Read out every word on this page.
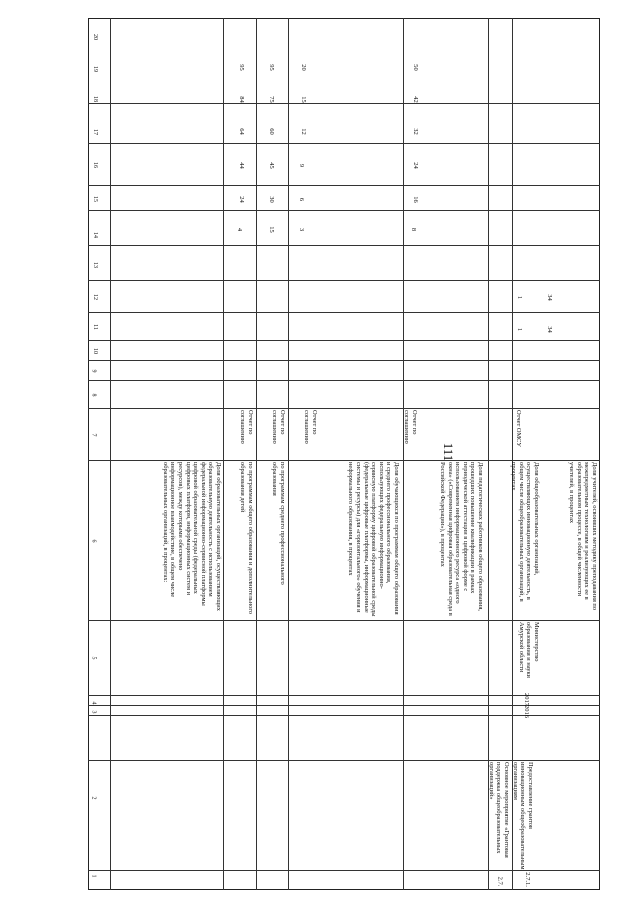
111
1
2
3
4
5
6
7
8
9
10
11
12
13
14
15
16
17
18
19
20
Доля образовательных организаций, осуществляющих образовательную деятельность с использованием федеральной информационно-сервисной платформы цифровой образовательной среды (федеральных цифровых платформ, информационных систем и ресурсов), между которыми обеспечено информационное взаимодействие, в общем числе образовательных организаций, в процентах:	по программам общего образования и дополнительного образования детей
Отчет по соглашению
4
24
44
64
84
95
по программам среднего профессионального образования
Отчет по соглашению
15
30
45
60
75
95
Доля обучающихся по программам общего образования и среднего профессионального образования, использующих федеральную информационно-сервисную платформу цифровой образовательной среды (федеральные цифровые платформы, информационные системы и ресурсы) для «горизонтального» обучения и неформального образования, в процентах
Отчет по соглашению
3
6
9
12
15
20
Доля педагогических работников общего образования, прошедших повышение квалификации в рамках периодической аттестации в цифровой форме с использованием информационного ресурса «одного окна» («Современная цифровая образовательная среда в Российской Федерации»), в процентах
Отчет по соглашению
8
16
24
32
42
50
2.7.
Основное мероприятие «Грантовая поддержка общеобразовательных организаций»
2.7.1.
Предоставление грантов инновационным общеобразовательным организациям
2016
2017
Министерство образования и науки Амурской области
Доля общеобразовательных организаций, осуществляющих инновационную деятельность, в общем числе общеобразовательных организаций, в процентах
Отчет ОМСУ
1
1
Доля учителей, освоивших методику преподавания по межпредметным технологиям и реализующих ее в образовательном процессе, в общей численности учителей, в процентах
34
34
